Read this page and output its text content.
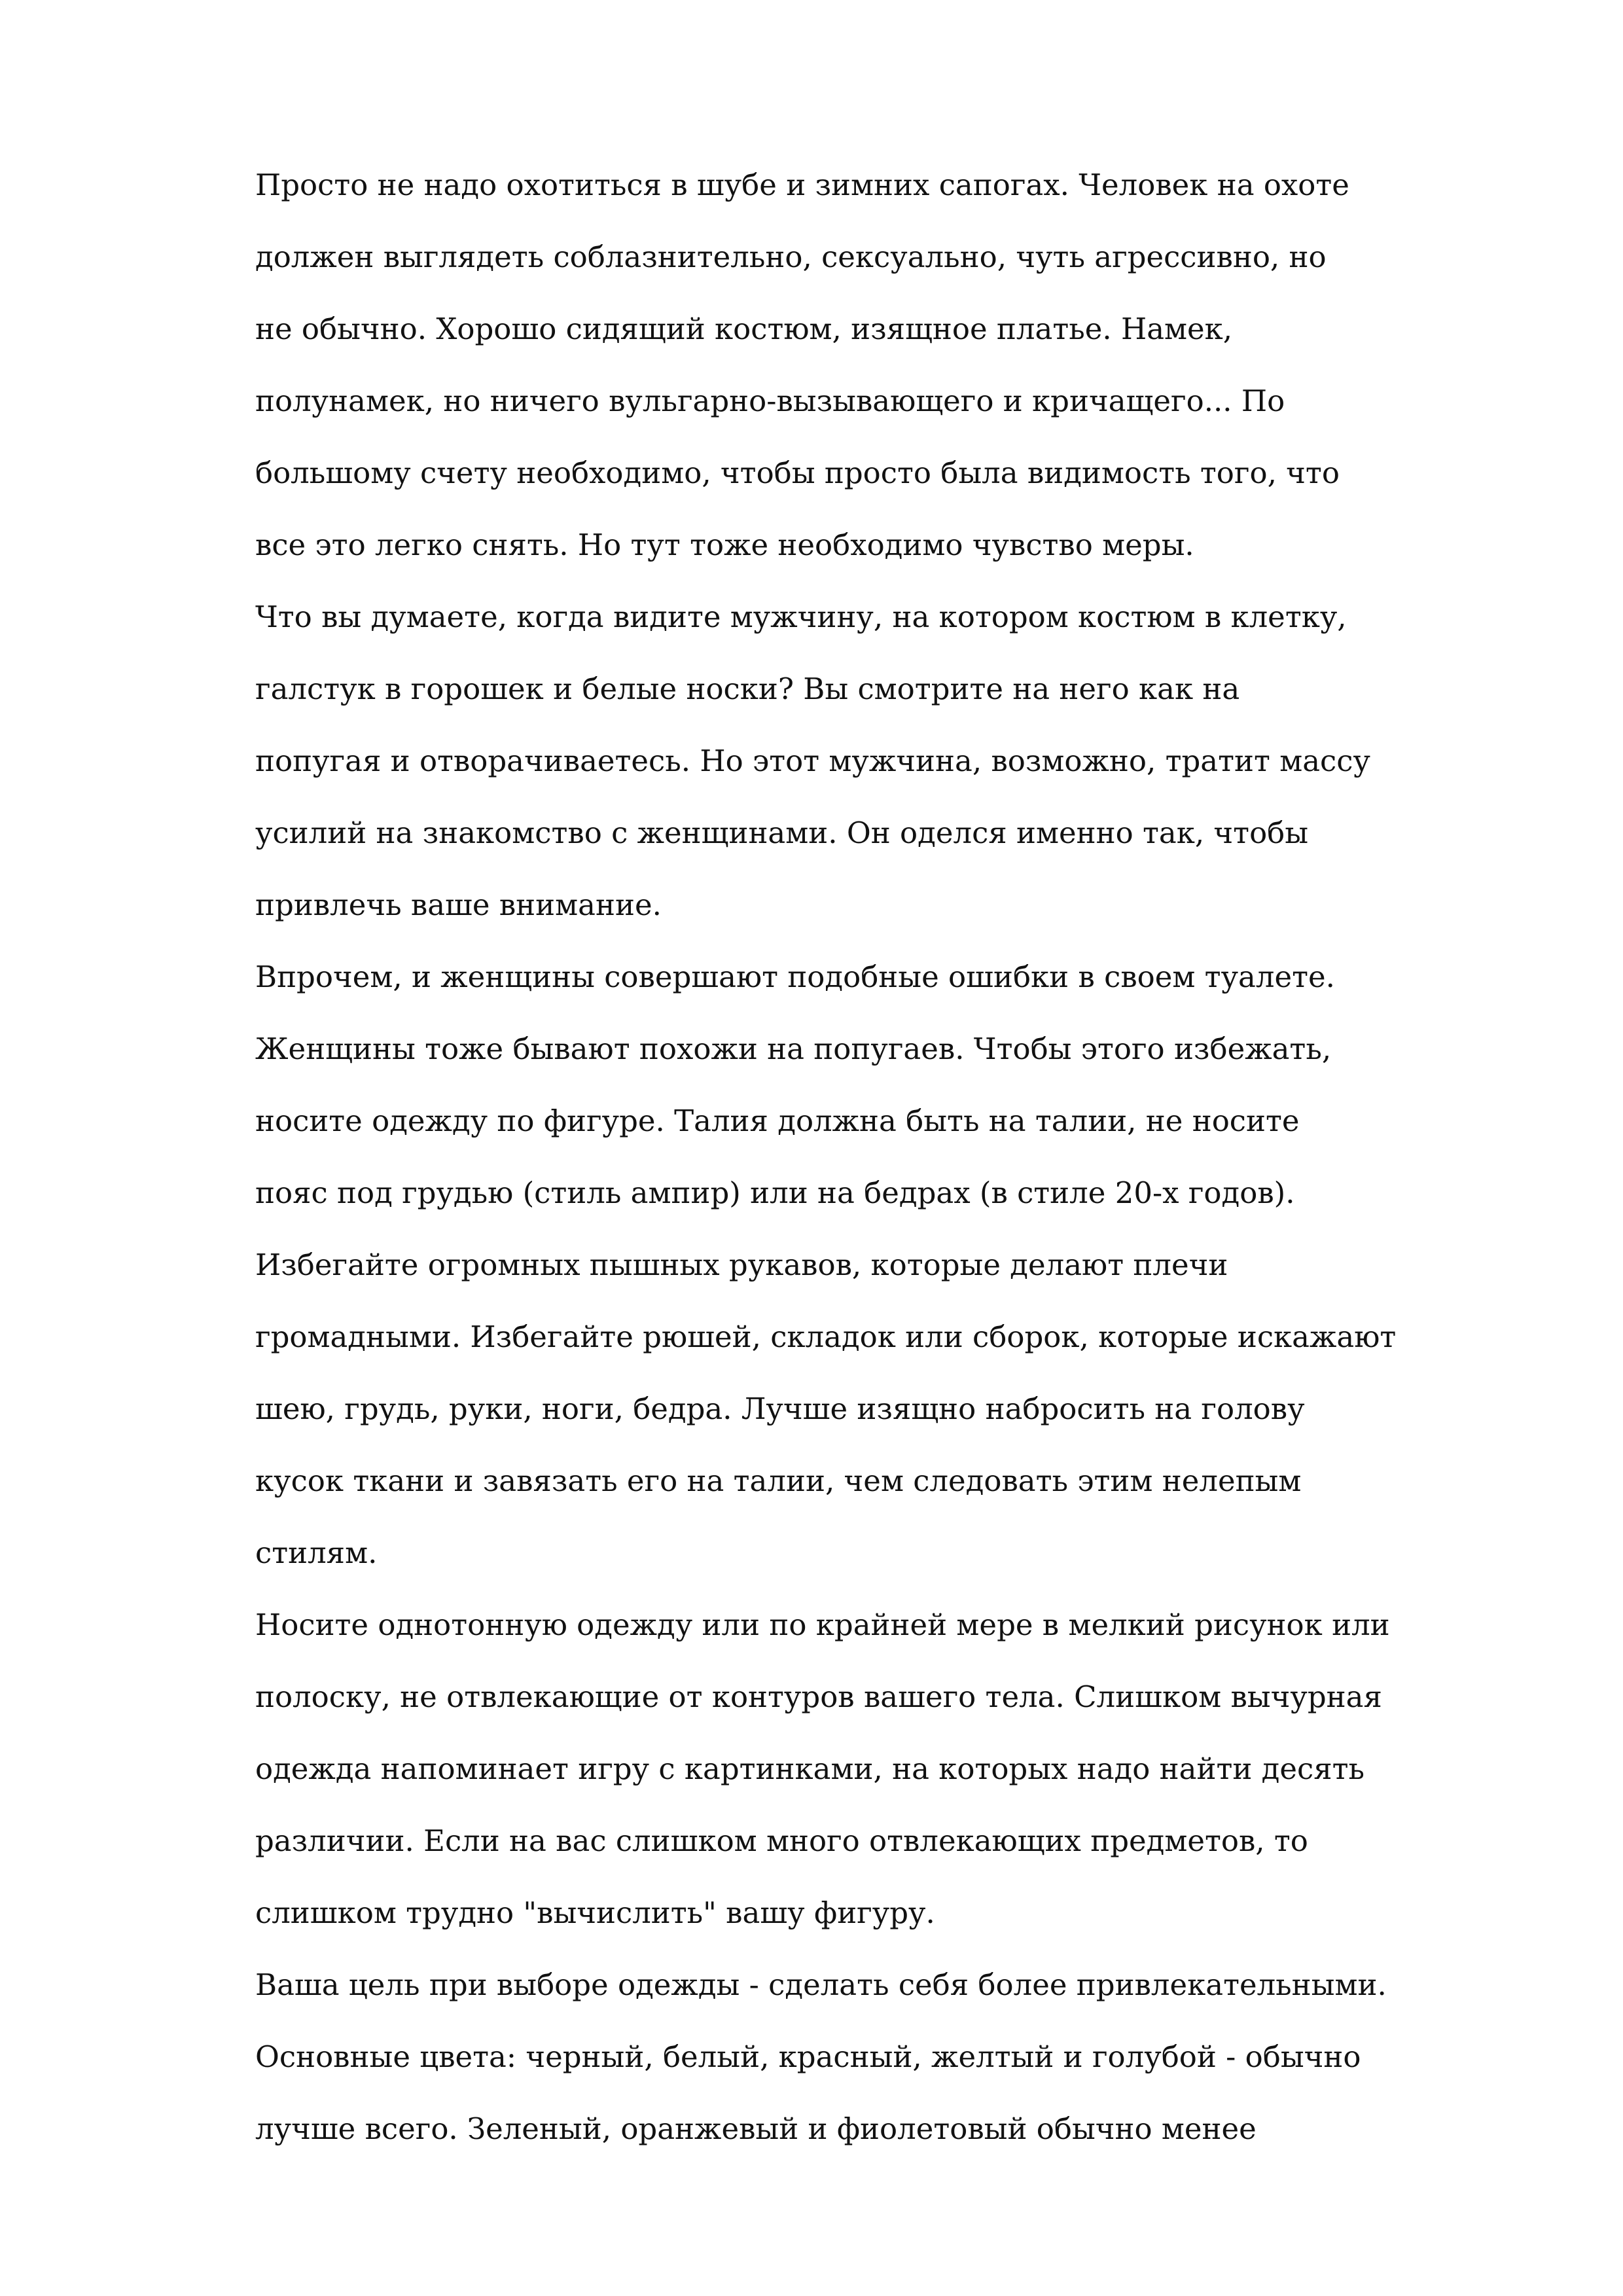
Просто не надо охотиться в шубе и зимних сапогах. Человек на охоте
должен выглядеть соблазнительно, сексуально, чуть агрессивно, но
не обычно. Хорошо сидящий костюм, изящное платье. Намек,
полунамек, но ничего вульгарно-вызывающего и кричащего... По
большому счету необходимо, чтобы просто была видимость того, что
все это легко снять. Но тут тоже необходимо чувство меры.
Что вы думаете, когда видите мужчину, на котором костюм в клетку,
галстук в горошек и белые носки? Вы смотрите на него как на
попугая и отворачиваетесь. Но этот мужчина, возможно, тратит массу
усилий на знакомство с женщинами. Он оделся именно так, чтобы
привлечь ваше внимание.
Впрочем, и женщины совершают подобные ошибки в своем туалете.
Женщины тоже бывают похожи на попугаев. Чтобы этого избежать,
носите одежду по фигуре. Талия должна быть на талии, не носите
пояс под грудью (стиль ампир) или на бедрах (в стиле 20-х годов).
Избегайте огромных пышных рукавов, которые делают плечи
громадными. Избегайте рюшей, складок или сборок, которые искажают
шею, грудь, руки, ноги, бедра. Лучше изящно набросить на голову
кусок ткани и завязать его на талии, чем следовать этим нелепым
стилям.
Носите однотонную одежду или по крайней мере в мелкий рисунок или
полоску, не отвлекающие от контуров вашего тела. Слишком вычурная
одежда напоминает игру с картинками, на которых надо найти десять
различии. Если на вас слишком много отвлекающих предметов, то
слишком трудно "вычислить" вашу фигуру.
Ваша цель при выборе одежды - сделать себя более привлекательными.
Основные цвета: черный, белый, красный, желтый и голубой - обычно
лучше всего. Зеленый, оранжевый и фиолетовый обычно менее
